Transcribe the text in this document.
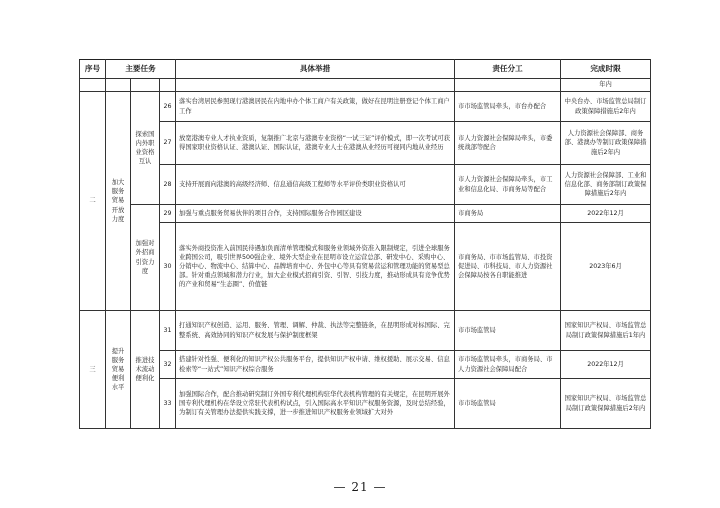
序号	主要任务			具体举措	责任分工	完成时限
						年内
二	加大服务贸易开放力度	探索国内外职业资格互认	26	落实台湾居民参照现行港澳居民在内地申办个体工商户有关政策，做好在昆明注册登记个体工商户工作	市市场监管局牵头，市台办配合	中央台办、市场监管总局制订政策保障措施后2年内
			27	放宽港澳专业人才执业资质，复制推广北京与港澳专业资格“一试三证”评价模式，即一次考试可获得国家职业资格认证、港澳认证、国际认证，港澳专业人士在港澳从业经历可视同内地从业经历	市人力资源社会保障局牵头，市委统战部等配合	人力资源社会保障部、商务部、港澳办等制订政策保障措施后2年内
			28	支持开展面向港澳的高级经济师、信息通信高级工程师等水平评价类职业资格认可	市人力资源社会保障局牵头，市工业和信息化局、市商务局等配合	人力资源社会保障部、工业和信息化部、商务部制订政策保障措施后2年内
		加强对外招商引资力度	29	加强与重点服务贸易伙伴的项目合作，支持国际服务合作园区建设	市商务局	2022年12月
			30	落实外商投资准入前国民待遇加负面清单管理模式和服务业领域外资准入限制规定，引进全球服务业跨国公司，吸引世界500强企业、境外大型企业在昆明市设立运营总部、研发中心、采购中心、分销中心、物流中心、结算中心、品牌培育中心、外包中心等具有贸易营运和管理功能的贸易型总部。针对重点领域和潜力行业，加大企业模式招商引资、引智、引技力度，推动形成具有竞争优势的产业和贸易“生态圈”、价值链	市商务局、市市场监管局、市投资促进局、市科技局、市人力资源社会保障局按各自职能推进	2023年6月
三	提升服务贸易便利水平	推进技术流动便利化	31	打通知识产权创造、运用、服务、管理、调解、仲裁、执法等完整链条，在昆明形成对标国际、完整系统、高效协同的知识产权发展与保护制度框架	市市场监管局	国家知识产权局、市场监管总局制订政策保障措施后1年内
			32	搭建针对性强、便利化的知识产权公共服务平台，提供知识产权申请、维权援助、展示交易、信息检索等“一站式”知识产权综合服务	市市场监管局牵头，市商务局、市人力资源社会保障局配合	2022年12月
			33	加强国际合作，配合推动研究制订外国专利代理机构驻华代表机构管理的有关规定，在昆明开展外国专利代理机构在华设立常驻代表机构试点，引入国际高水平知识产权服务资源，及时总结经验，为制订有关管理办法提供实践支撑，进一步推进知识产权服务业领域扩大对外	市市场监管局	国家知识产权局、市场监管总局制订政策保障措施后2年内
— 21 —
